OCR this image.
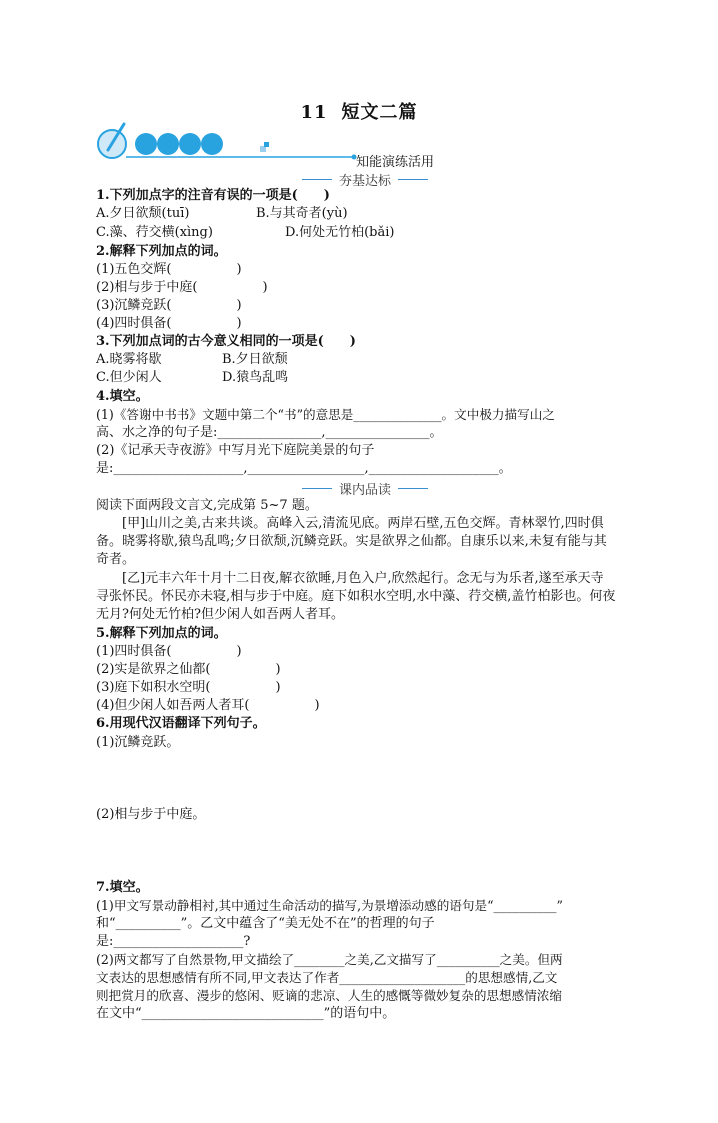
11 短文二篇
知能演练活用
夯基达标
1.下列加点字的注音有误的一项是(　　)
A.夕日欲颓(tuī)	B.与其奇者(yù)
C.藻、荇交横(xìng)	D.何处无竹柏(bǎi)
2.解释下列加点的词。
(1)五色交辉(　　　　　)
(2)相与步于中庭(　　　　　)
(3)沉鳞竞跃(　　　　　)
(4)四时俱备(　　　　　)
3.下列加点词的古今意义相同的一项是(　　)
A.晓雾将歇	B.夕日欲颓
C.但少闲人	D.猿鸟乱鸣
4.填空。
(1)《答谢中书书》文题中第二个“书”的意思是______________。文中极力描写山之
高、水之净的句子是:________________,________________。
(2)《记承天寺夜游》中写月光下庭院美景的句子
是:____________________,__________________,____________________。
课内品读
阅读下面两段文言文,完成第 5~7 题。
[甲]山川之美,古来共谈。高峰入云,清流见底。两岸石壁,五色交辉。青林翠竹,四时俱备。晓雾将歇,猿鸟乱鸣;夕日欲颓,沉鳞竞跃。实是欲界之仙都。自康乐以来,未复有能与其奇者。
[乙]元丰六年十月十二日夜,解衣欲睡,月色入户,欣然起行。念无与为乐者,遂至承天寺寻张怀民。怀民亦未寝,相与步于中庭。庭下如积水空明,水中藻、荇交横,盖竹柏影也。何夜无月?何处无竹柏?但少闲人如吾两人者耳。
5.解释下列加点的词。
(1)四时俱备(　　　　　)
(2)实是欲界之仙都(　　　　　)
(3)庭下如积水空明(　　　　　)
(4)但少闲人如吾两人者耳(　　　　　)
6.用现代汉语翻译下列句子。
(1)沉鳞竞跃。
(2)相与步于中庭。
7.填空。
(1)甲文写景动静相衬,其中通过生命活动的描写,为景增添动感的语句是“__________”
和“__________”。乙文中蕴含了“美无处不在”的哲理的句子
是:____________________?
(2)两文都写了自然景物,甲文描绘了________之美,乙文描写了__________之美。但两
文表达的思想感情有所不同,甲文表达了作者____________________的思想感情,乙文
则把赏月的欣喜、漫步的悠闲、贬谪的悲凉、人生的感慨等微妙复杂的思想感情浓缩
在文中“____________________________”的语句中。
